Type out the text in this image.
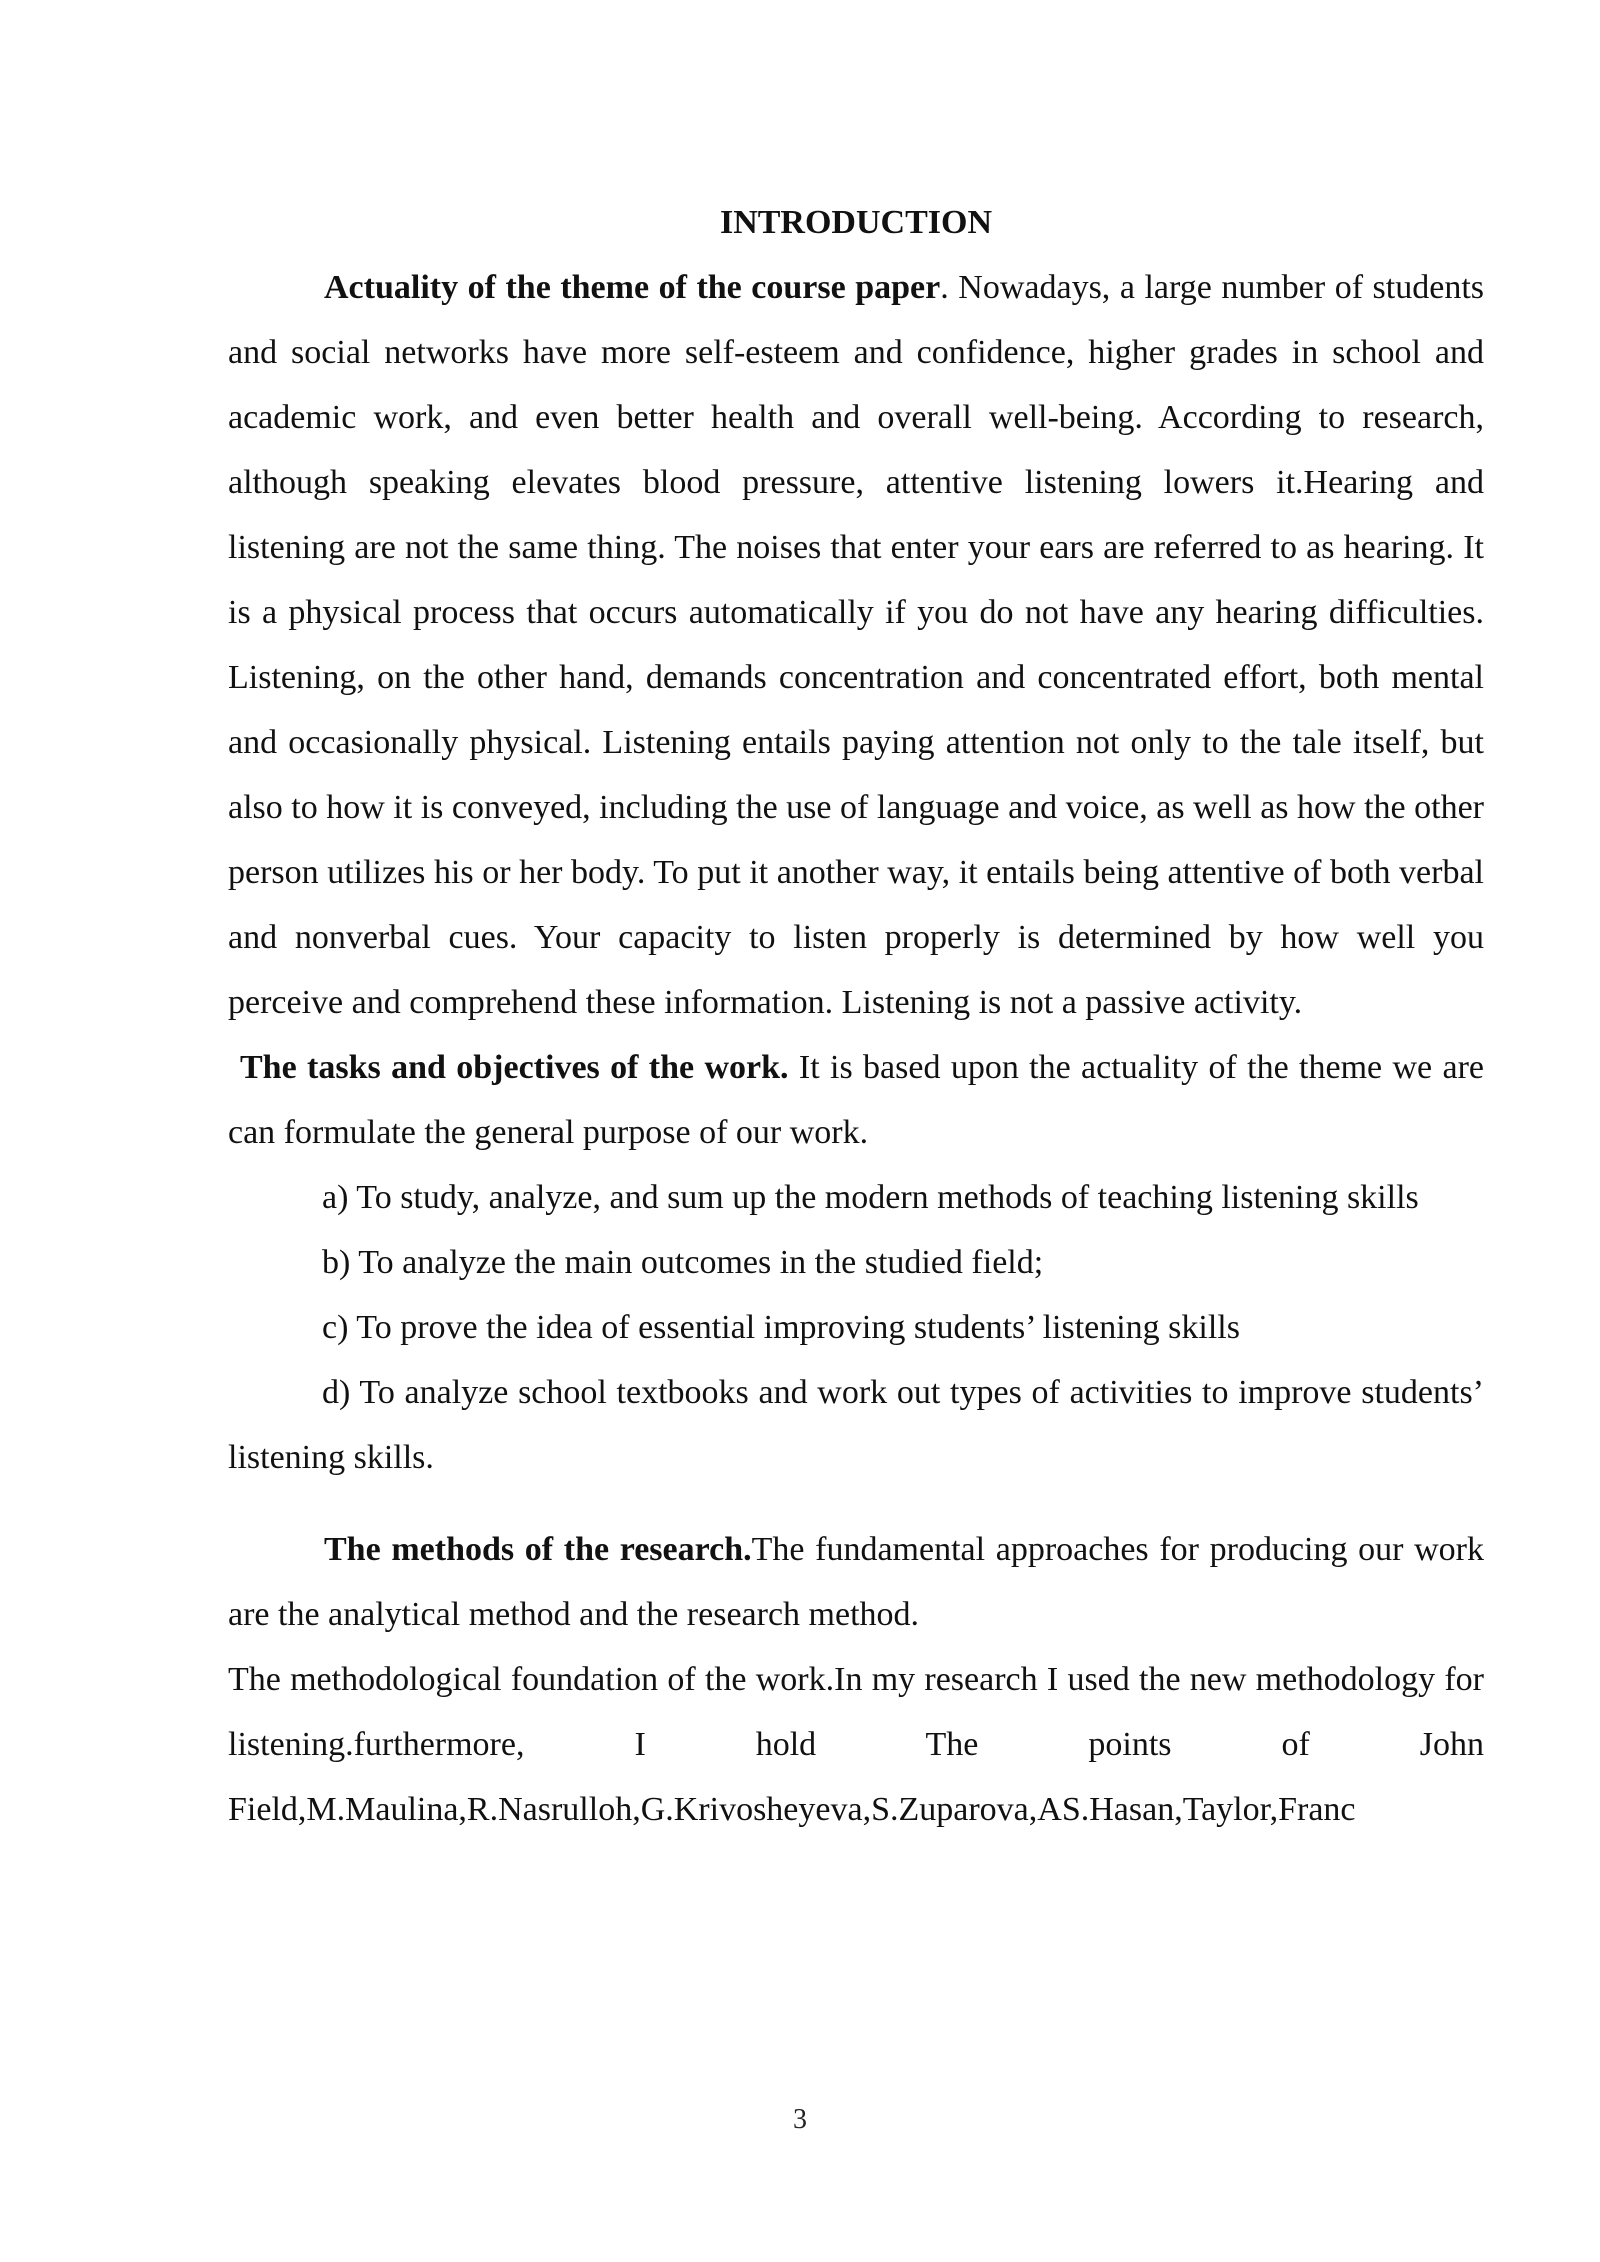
INTRODUCTION

Actuality of the theme of the course paper. Nowadays, a large number of students and social networks have more self-esteem and confidence, higher grades in school and academic work, and even better health and overall well-being. According to research, although speaking elevates blood pressure, attentive listening lowers it.Hearing and listening are not the same thing. The noises that enter your ears are referred to as hearing. It is a physical process that occurs automatically if you do not have any hearing difficulties. Listening, on the other hand, demands concentration and concentrated effort, both mental and occasionally physical. Listening entails paying attention not only to the tale itself, but also to how it is conveyed, including the use of language and voice, as well as how the other person utilizes his or her body. To put it another way, it entails being attentive of both verbal and nonverbal cues. Your capacity to listen properly is determined by how well you perceive and comprehend these information. Listening is not a passive activity.

The tasks and objectives of the work. It is based upon the actuality of the theme we are can formulate the general purpose of our work.

a) To study, analyze, and sum up the modern methods of teaching listening skills

b) To analyze the main outcomes in the studied field;

c) To prove the idea of essential improving students’ listening skills

d) To analyze school textbooks and work out types of activities to improve students’ listening skills.

The methods of the research.The fundamental approaches for producing our work are the analytical method and the research method.

The methodological foundation of the work.In my research I used the new methodology for listening.furthermore, I hold The points of John Field,M.Maulina,R.Nasrulloh,G.Krivosheyeva,S.Zuparova,AS.Hasan,Taylor,Franc

3
